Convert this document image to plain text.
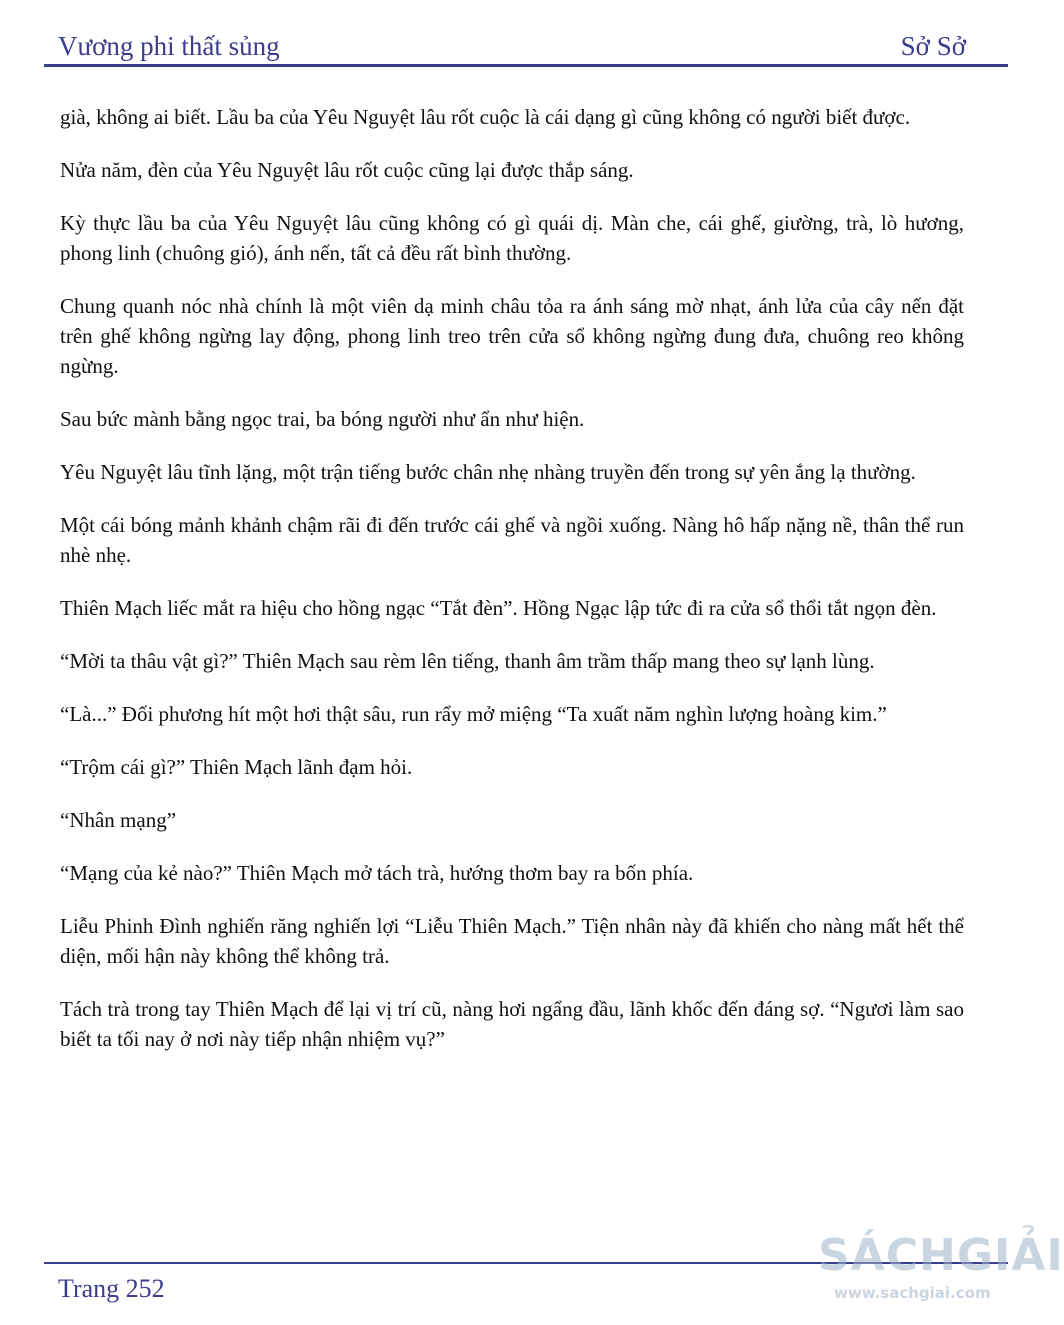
Vương phi thất sủng	Sở Sở

già, không ai biết. Lầu ba của Yêu Nguyệt lâu rốt cuộc là cái dạng gì cũng không có người biết được.

Nửa năm, đèn của Yêu Nguyệt lâu rốt cuộc cũng lại được thắp sáng.

Kỳ thực lầu ba của Yêu Nguyệt lâu cũng không có gì quái dị. Màn che, cái ghế, giường, trà, lò hương, phong linh (chuông gió), ánh nến, tất cả đều rất bình thường.

Chung quanh nóc nhà chính là một viên dạ minh châu tỏa ra ánh sáng mờ nhạt, ánh lửa của cây nến đặt trên ghế không ngừng lay động, phong linh treo trên cửa sổ không ngừng đung đưa, chuông reo không ngừng.

Sau bức mành bằng ngọc trai, ba bóng người như ẩn như hiện.

Yêu Nguyệt lâu tĩnh lặng, một trận tiếng bước chân nhẹ nhàng truyền đến trong sự yên ắng lạ thường.

Một cái bóng mảnh khảnh chậm rãi đi đến trước cái ghế và ngồi xuống. Nàng hô hấp nặng nề, thân thể run nhè nhẹ.

Thiên Mạch liếc mắt ra hiệu cho hồng ngạc “Tắt đèn”. Hồng Ngạc lập tức đi ra cửa sổ thổi tắt ngọn đèn.

“Mời ta thâu vật gì?” Thiên Mạch sau rèm lên tiếng, thanh âm trầm thấp mang theo sự lạnh lùng.

“Là...” Đối phương hít một hơi thật sâu, run rẩy mở miệng “Ta xuất năm nghìn lượng hoàng kim.”

“Trộm cái gì?” Thiên Mạch lãnh đạm hỏi.

“Nhân mạng”

“Mạng của kẻ nào?” Thiên Mạch mở tách trà, hướng thơm bay ra bốn phía.

Liễu Phinh Đình nghiến răng nghiến lợi “Liễu Thiên Mạch.” Tiện nhân này đã khiến cho nàng mất hết thể diện, mối hận này không thể không trả.

Tách trà trong tay Thiên Mạch để lại vị trí cũ, nàng hơi ngẩng đầu, lãnh khốc đến đáng sợ. “Ngươi làm sao biết ta tối nay ở nơi này tiếp nhận nhiệm vụ?”

Trang 252
SÁCHGIẢI
www.sachgiai.com
